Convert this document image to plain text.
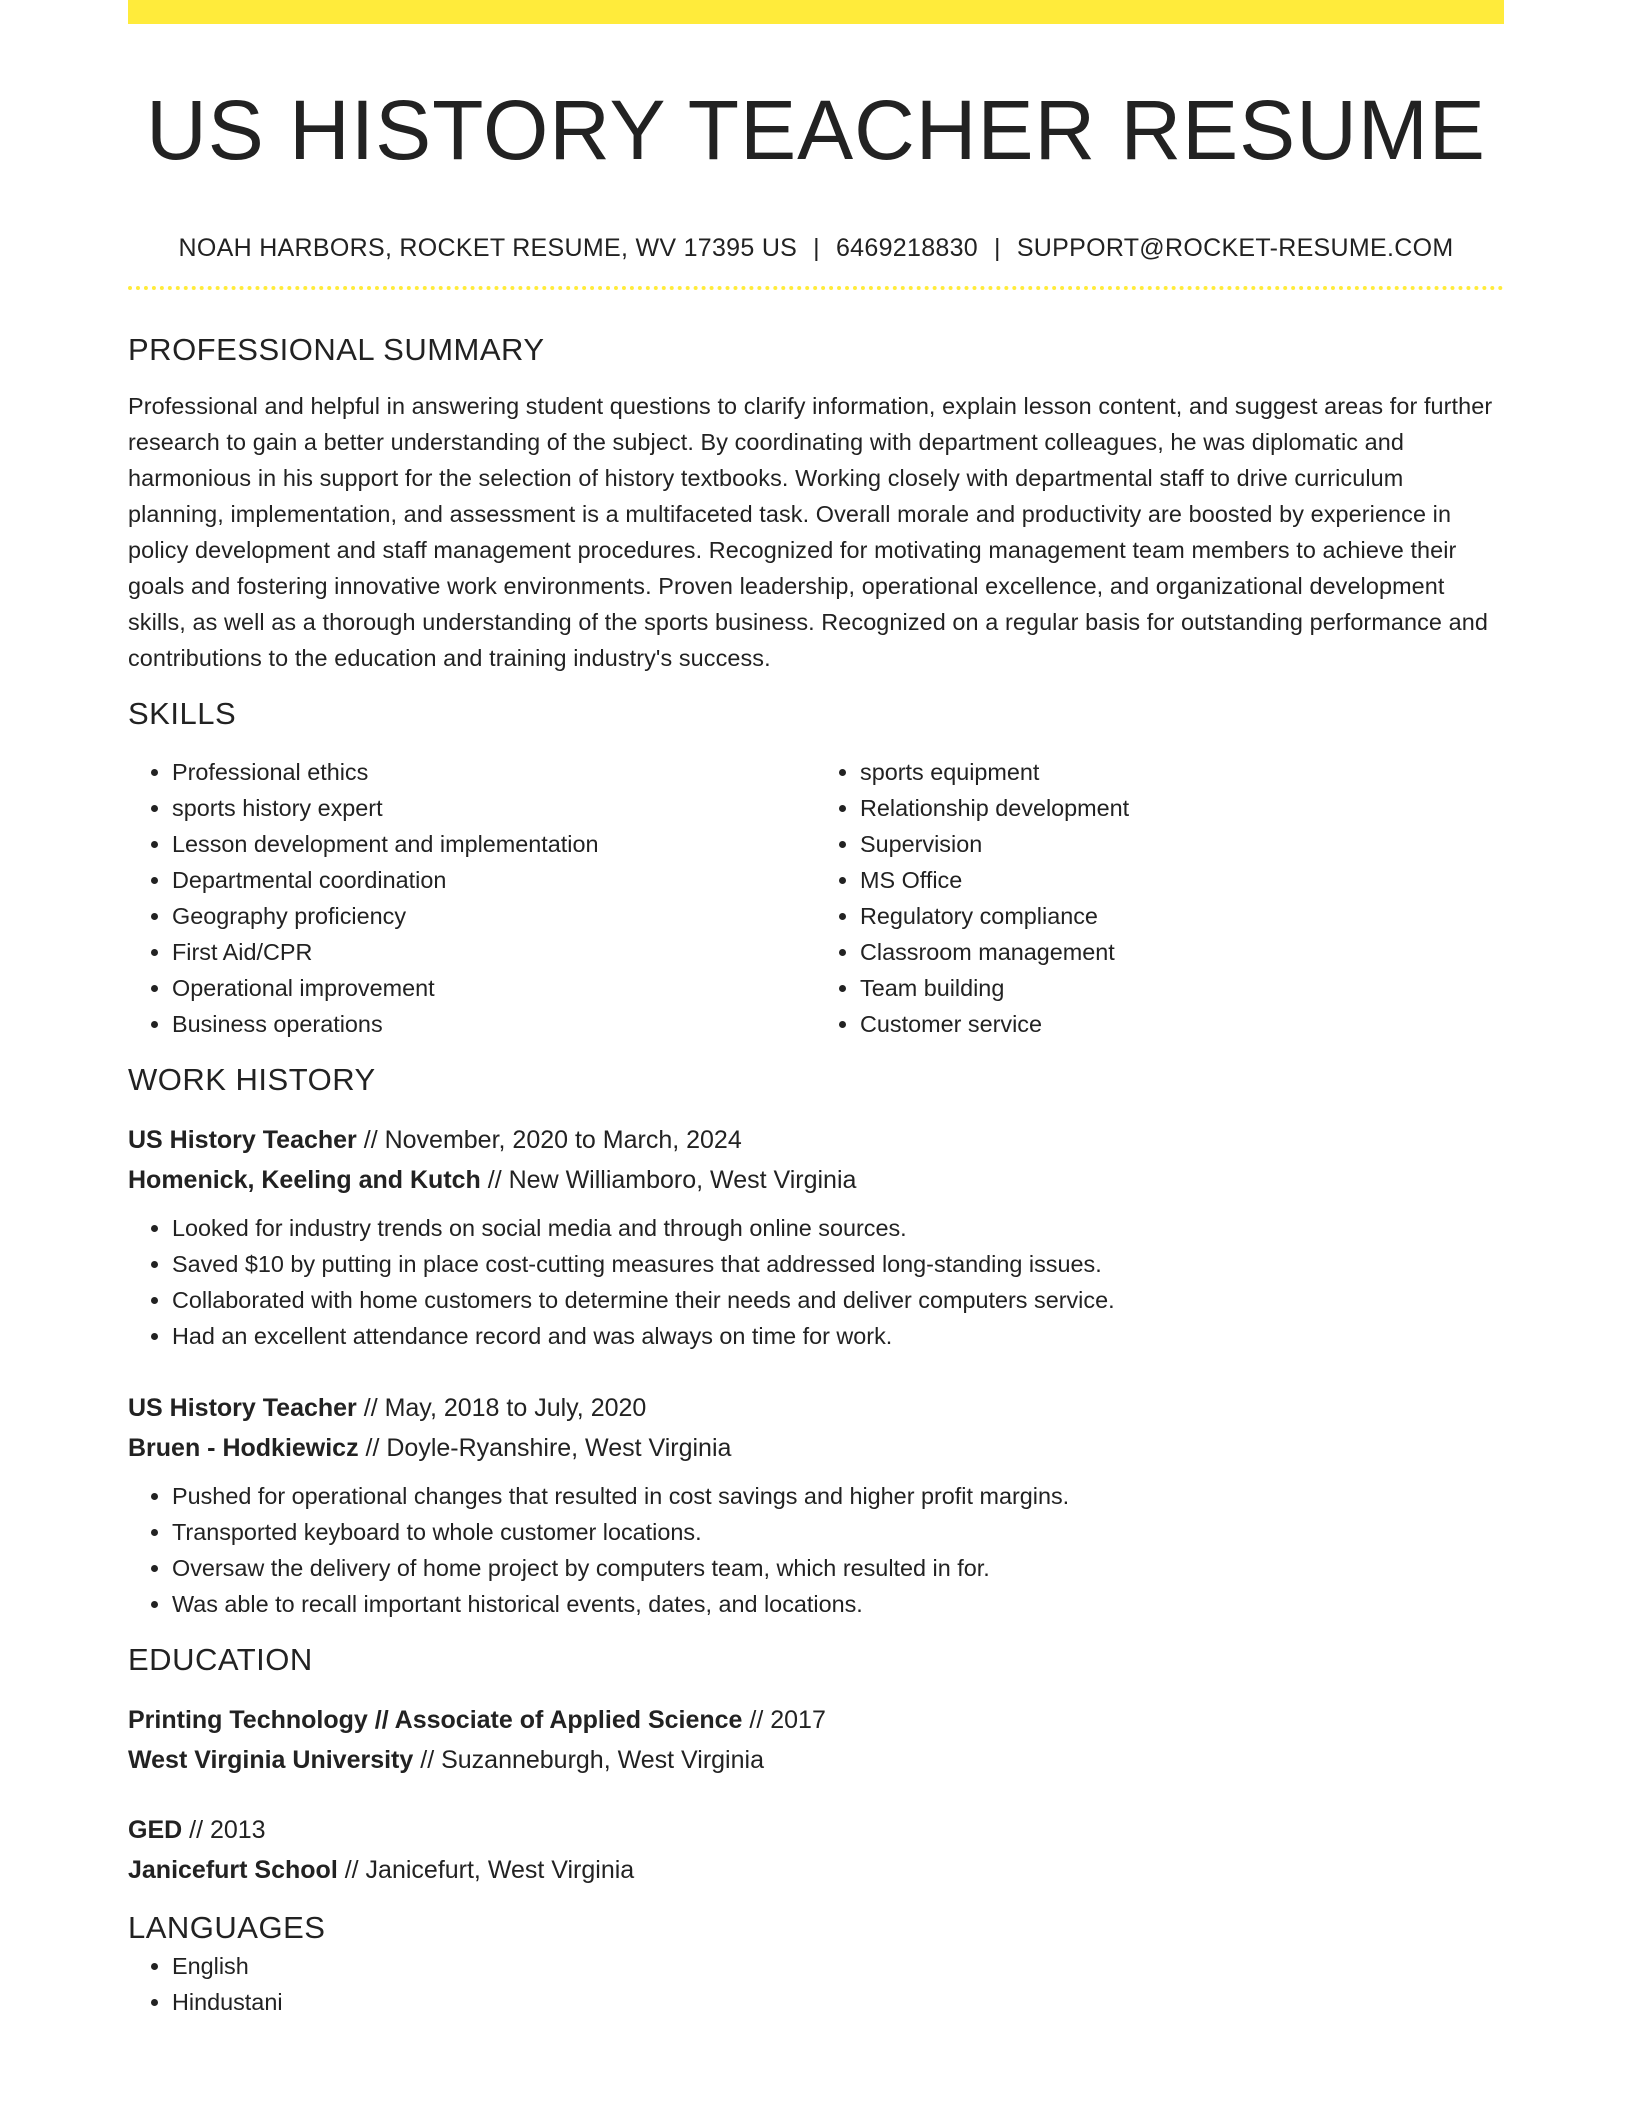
US HISTORY TEACHER RESUME
NOAH HARBORS, ROCKET RESUME, WV 17395 US | 6469218830 | SUPPORT@ROCKET-RESUME.COM
PROFESSIONAL SUMMARY

Professional and helpful in answering student questions to clarify information, explain lesson content, and suggest areas for further research to gain a better understanding of the subject. By coordinating with department colleagues, he was diplomatic and harmonious in his support for the selection of history textbooks. Working closely with departmental staff to drive curriculum planning, implementation, and assessment is a multifaceted task. Overall morale and productivity are boosted by experience in policy development and staff management procedures. Recognized for motivating management team members to achieve their goals and fostering innovative work environments. Proven leadership, operational excellence, and organizational development skills, as well as a thorough understanding of the sports business. Recognized on a regular basis for outstanding performance and contributions to the education and training industry's success.

SKILLS
• Professional ethics
• sports history expert
• Lesson development and implementation
• Departmental coordination
• Geography proficiency
• First Aid/CPR
• Operational improvement
• Business operations
• sports equipment
• Relationship development
• Supervision
• MS Office
• Regulatory compliance
• Classroom management
• Team building
• Customer service
WORK HISTORY
US History Teacher // November, 2020 to March, 2024
Homenick, Keeling and Kutch // New Williamboro, West Virginia
• Looked for industry trends on social media and through online sources.
• Saved $10 by putting in place cost-cutting measures that addressed long-standing issues.
• Collaborated with home customers to determine their needs and deliver computers service.
• Had an excellent attendance record and was always on time for work.
US History Teacher // May, 2018 to July, 2020
Bruen - Hodkiewicz // Doyle-Ryanshire, West Virginia
• Pushed for operational changes that resulted in cost savings and higher profit margins.
• Transported keyboard to whole customer locations.
• Oversaw the delivery of home project by computers team, which resulted in for.
• Was able to recall important historical events, dates, and locations.
EDUCATION
Printing Technology // Associate of Applied Science // 2017
West Virginia University // Suzanneburgh, West Virginia
GED // 2013
Janicefurt School // Janicefurt, West Virginia
LANGUAGES
• English
• Hindustani
